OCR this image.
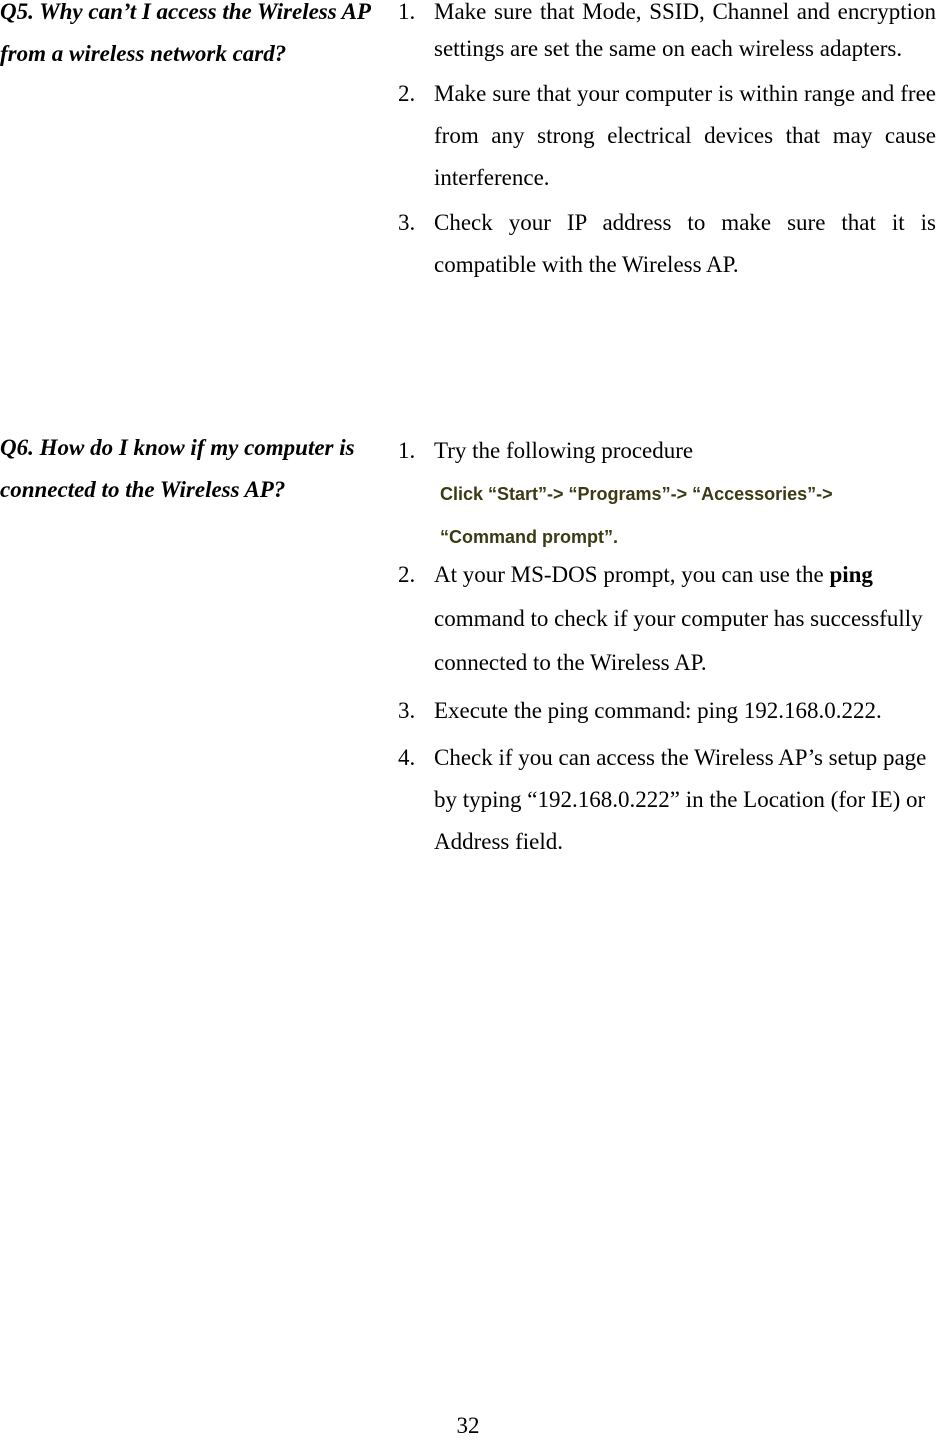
Q5. Why can’t I access the Wireless AP from a wireless network card?
1. Make sure that Mode, SSID, Channel and encryption settings are set the same on each wireless adapters.
2. Make sure that your computer is within range and free from any strong electrical devices that may cause interference.
3. Check your IP address to make sure that it is compatible with the Wireless AP.
Q6. How do I know if my computer is connected to the Wireless AP?
1. Try the following procedure
Click “Start”-> “Programs”-> “Accessories”-> “Command prompt”.
2. At your MS-DOS prompt, you can use the ping command to check if your computer has successfully connected to the Wireless AP.
3. Execute the ping command: ping 192.168.0.222.
4. Check if you can access the Wireless AP’s setup page by typing “192.168.0.222” in the Location (for IE) or Address field.
32
